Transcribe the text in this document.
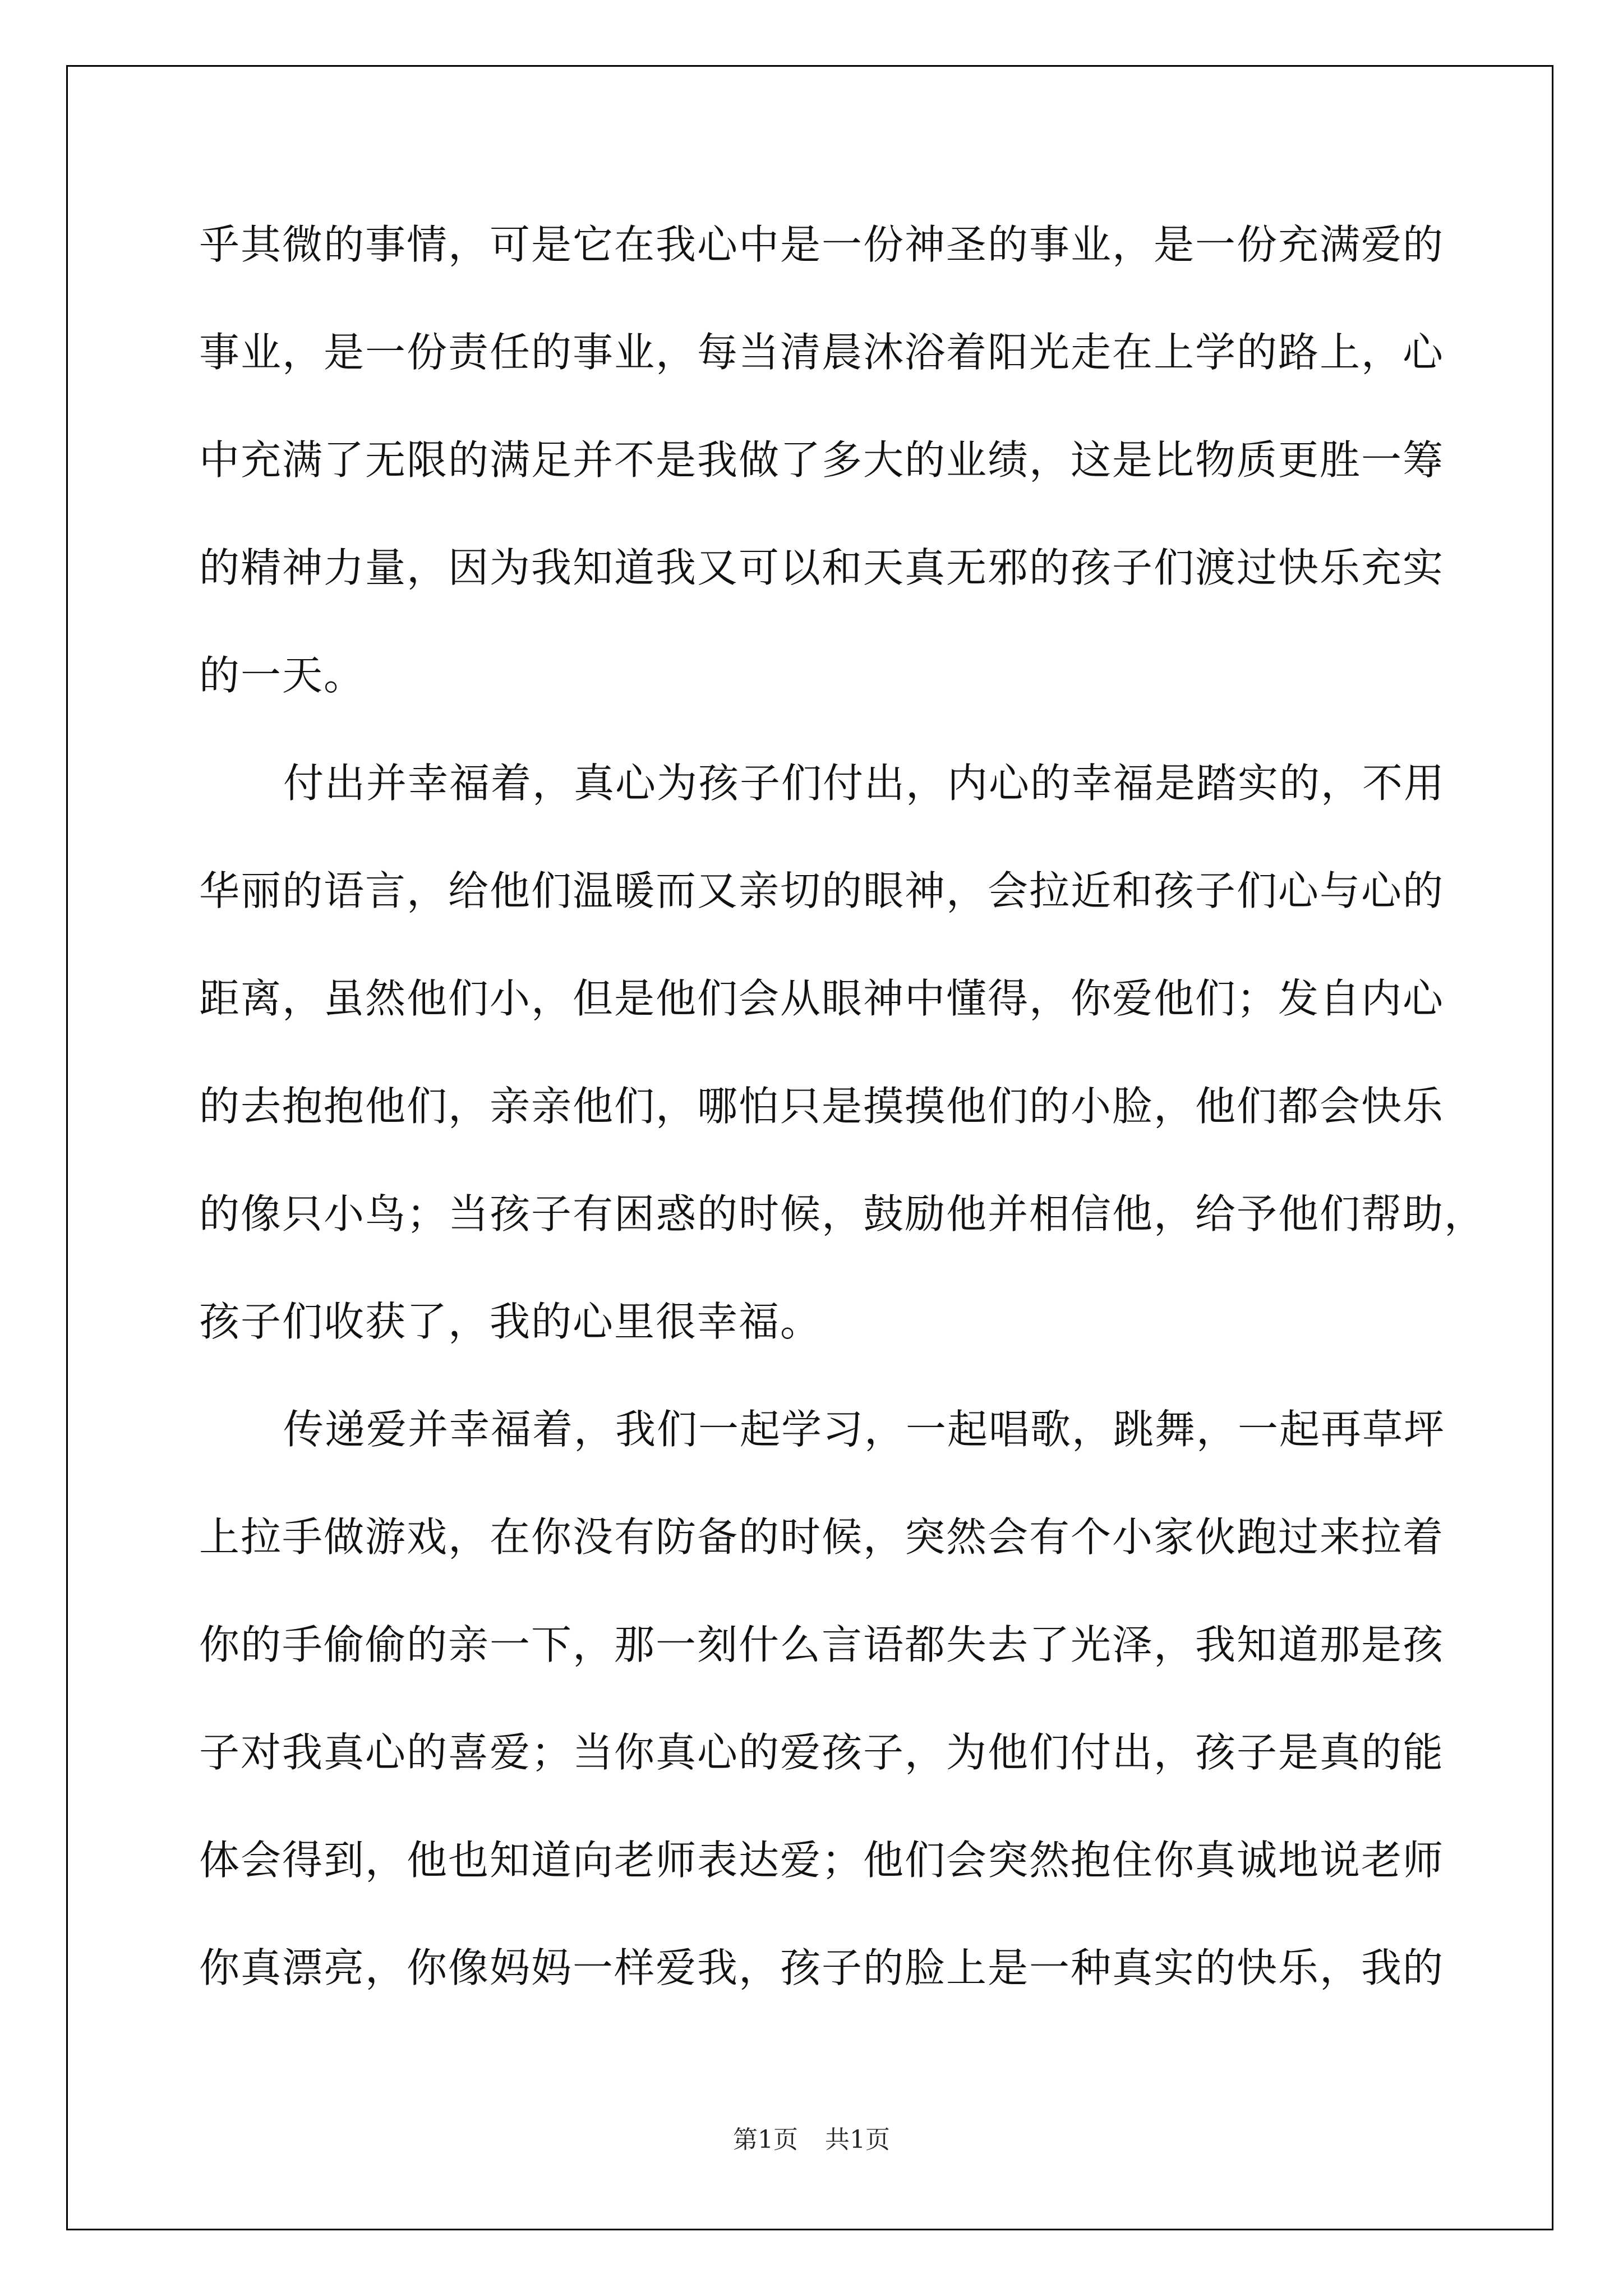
乎其微的事情，可是它在我心中是一份神圣的事业，是一份充满爱的
事业，是一份责任的事业，每当清晨沐浴着阳光走在上学的路上，心
中充满了无限的满足并不是我做了多大的业绩，这是比物质更胜一筹
的精神力量，因为我知道我又可以和天真无邪的孩子们渡过快乐充实
的一天。
付出并幸福着，真心为孩子们付出，内心的幸福是踏实的，不用
华丽的语言，给他们温暖而又亲切的眼神，会拉近和孩子们心与心的
距离，虽然他们小，但是他们会从眼神中懂得，你爱他们；发自内心
的去抱抱他们，亲亲他们，哪怕只是摸摸他们的小脸，他们都会快乐
的像只小鸟；当孩子有困惑的时候，鼓励他并相信他，给予他们帮助，
孩子们收获了，我的心里很幸福。
传递爱并幸福着，我们一起学习，一起唱歌，跳舞，一起再草坪
上拉手做游戏，在你没有防备的时候，突然会有个小家伙跑过来拉着
你的手偷偷的亲一下，那一刻什么言语都失去了光泽，我知道那是孩
子对我真心的喜爱；当你真心的爱孩子，为他们付出，孩子是真的能
体会得到，他也知道向老师表达爱；他们会突然抱住你真诚地说老师
你真漂亮，你像妈妈一样爱我，孩子的脸上是一种真实的快乐，我的
第1页 共1页
